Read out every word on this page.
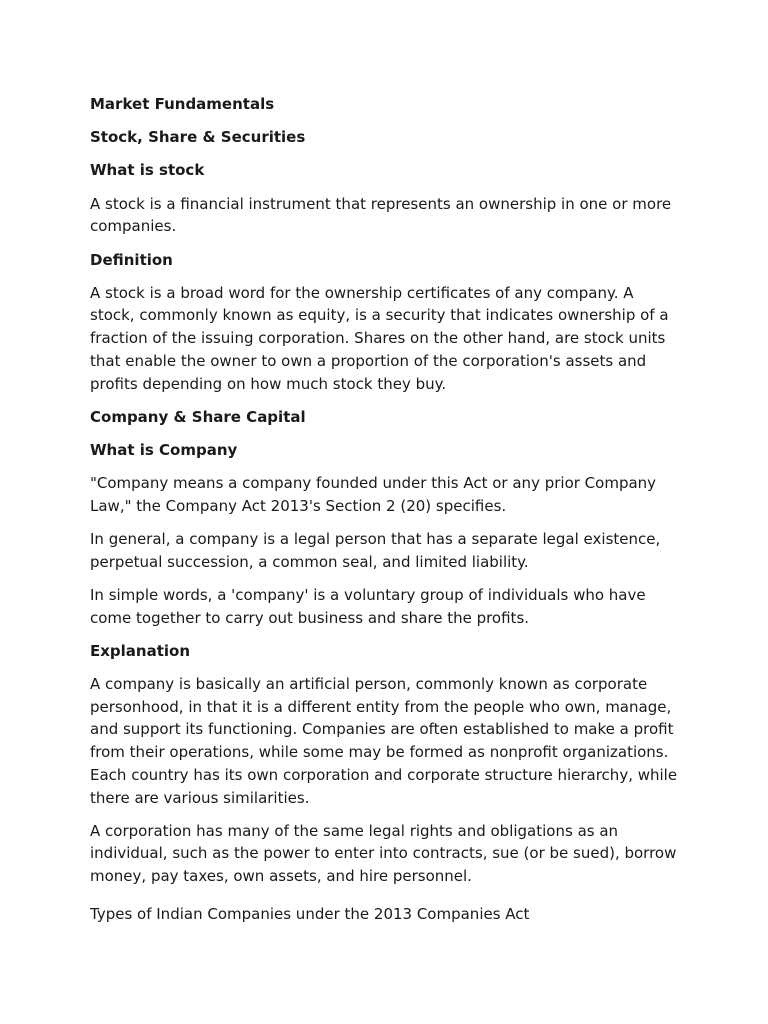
Market Fundamentals
Stock, Share & Securities
What is stock
A stock is a financial instrument that represents an ownership in one or more companies.
Definition
A stock is a broad word for the ownership certificates of any company. A stock, commonly known as equity, is a security that indicates ownership of a fraction of the issuing corporation. Shares on the other hand, are stock units that enable the owner to own a proportion of the corporation's assets and profits depending on how much stock they buy.
Company & Share Capital
What is Company
"Company means a company founded under this Act or any prior Company Law," the Company Act 2013's Section 2 (20) specifies.
In general, a company is a legal person that has a separate legal existence, perpetual succession, a common seal, and limited liability.
In simple words, a 'company' is a voluntary group of individuals who have come together to carry out business and share the profits.
Explanation
A company is basically an artificial person, commonly known as corporate personhood, in that it is a different entity from the people who own, manage, and support its functioning. Companies are often established to make a profit from their operations, while some may be formed as nonprofit organizations. Each country has its own corporation and corporate structure hierarchy, while there are various similarities.
A corporation has many of the same legal rights and obligations as an individual, such as the power to enter into contracts, sue (or be sued), borrow money, pay taxes, own assets, and hire personnel.
Types of Indian Companies under the 2013 Companies Act
